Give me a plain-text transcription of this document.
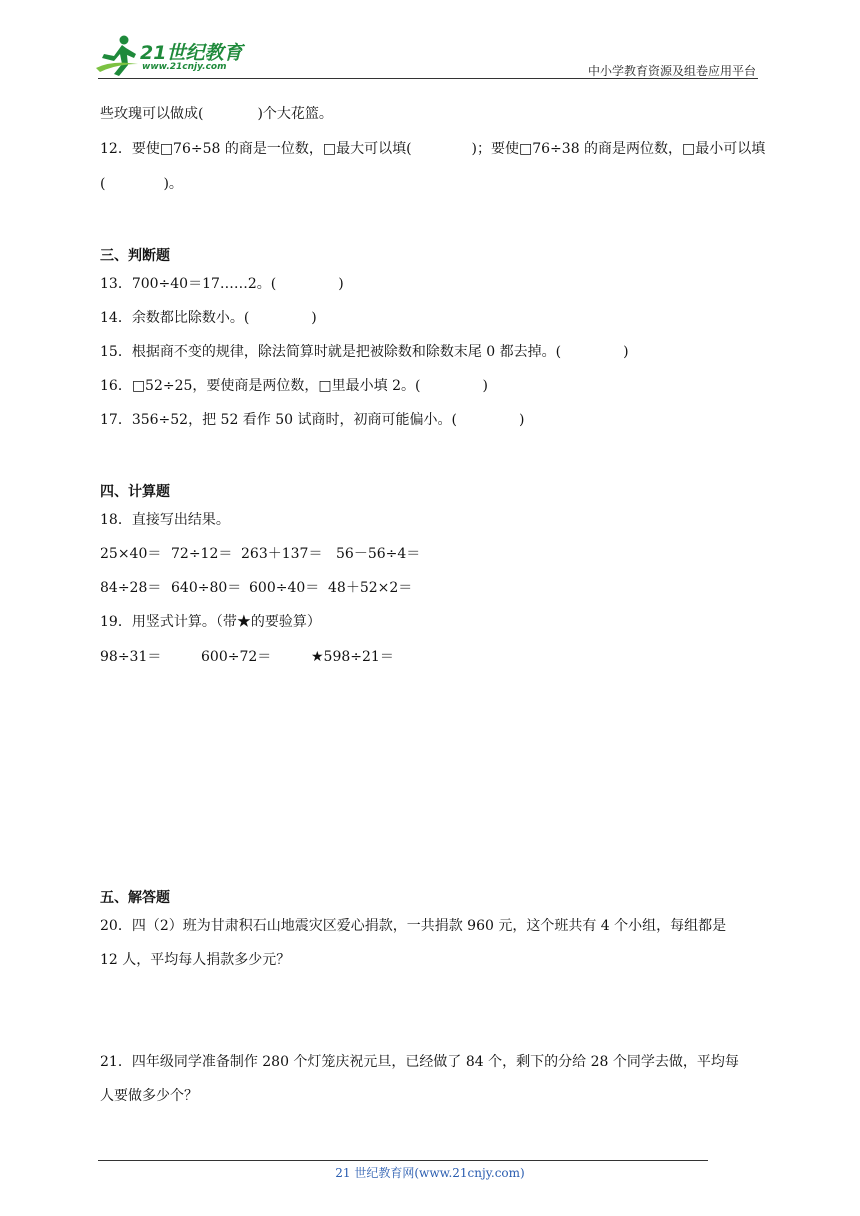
21世纪教育
www.21cnjy.com	中小学教育资源及组卷应用平台
些玫瑰可以做成(	)个大花篮。
12．要使□76÷58 的商是一位数，□最大可以填(	)；要使□76÷38 的商是两位数，□最小可以填
(	)。
三、判断题
13．700÷40＝17……2。(	)
14．余数都比除数小。(	)
15．根据商不变的规律，除法简算时就是把被除数和除数末尾 0 都去掉。(	)
16．□52÷25，要使商是两位数，□里最小填 2。(	)
17．356÷52，把 52 看作 50 试商时，初商可能偏小。(	)
四、计算题
18．直接写出结果。
25×40＝ 72÷12＝ 263＋137＝ 56－56÷4＝
84÷28＝ 640÷80＝ 600÷40＝ 48＋52×2＝
19．用竖式计算。（带★的要验算）
98÷31＝	600÷72＝	★598÷21＝
五、解答题
20．四（2）班为甘肃积石山地震灾区爱心捐款，一共捐款 960 元，这个班共有 4 个小组，每组都是
12 人，平均每人捐款多少元？
21．四年级同学准备制作 280 个灯笼庆祝元旦，已经做了 84 个，剩下的分给 28 个同学去做，平均每
人要做多少个？
21 世纪教育网(www.21cnjy.com)
